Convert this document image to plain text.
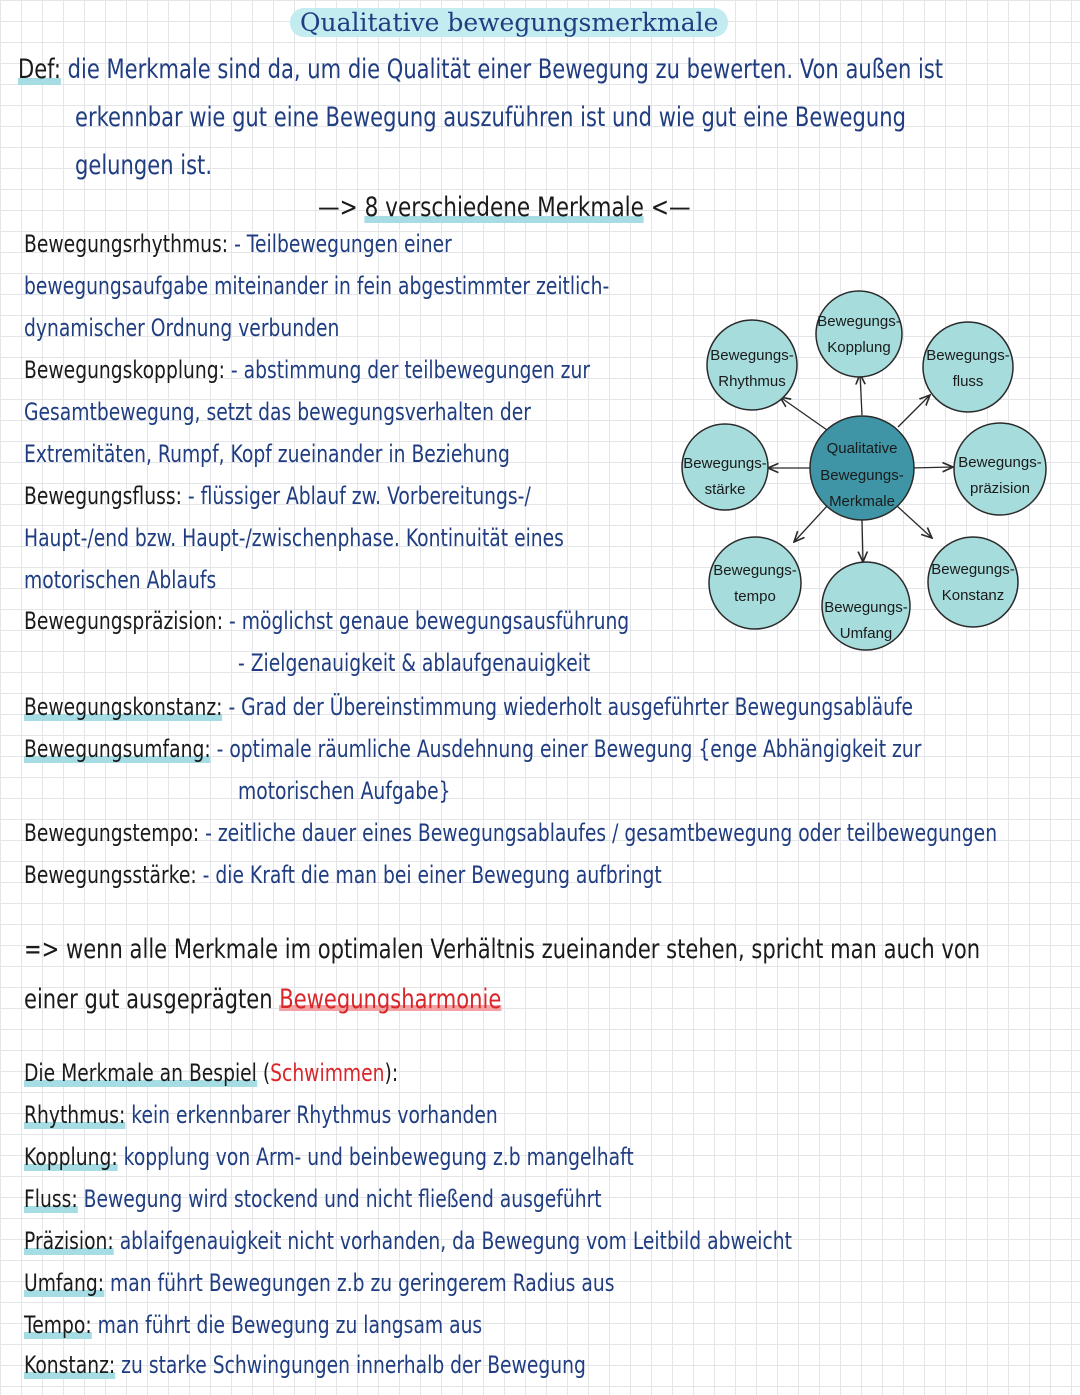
Qualitative bewegungsmerkmale
Def: die Merkmale sind da, um die Qualität einer Bewegung zu bewerten. Von außen ist
erkennbar wie gut eine Bewegung auszuführen ist und wie gut eine Bewegung
gelungen ist.
—> 8 verschiedene Merkmale <—
Bewegungsrhythmus: - Teilbewegungen einer
bewegungsaufgabe miteinander in fein abgestimmter zeitlich-
dynamischer Ordnung verbunden
Bewegungskopplung: - abstimmung der teilbewegungen zur
Gesamtbewegung, setzt das bewegungsverhalten der
Extremitäten, Rumpf, Kopf zueinander in Beziehung
Bewegungsfluss: - flüssiger Ablauf zw. Vorbereitungs-/
Haupt-/end bzw. Haupt-/zwischenphase. Kontinuität eines
motorischen Ablaufs
Bewegungspräzision: - möglichst genaue bewegungsausführung
- Zielgenauigkeit & ablaufgenauigkeit
Bewegungskonstanz: - Grad der Übereinstimmung wiederholt ausgeführter Bewegungsabläufe
Bewegungsumfang: - optimale räumliche Ausdehnung einer Bewegung {enge Abhängigkeit zur
motorischen Aufgabe}
Bewegungstempo: - zeitliche dauer eines Bewegungsablaufes / gesamtbewegung oder teilbewegungen
Bewegungsstärke: - die Kraft die man bei einer Bewegung aufbringt
=> wenn alle Merkmale im optimalen Verhältnis zueinander stehen, spricht man auch von
einer gut ausgeprägten Bewegungsharmonie
Die Merkmale an Bespiel (Schwimmen):
Rhythmus: kein erkennbarer Rhythmus vorhanden
Kopplung: kopplung von Arm- und beinbewegung z.b mangelhaft
Fluss: Bewegung wird stockend und nicht fließend ausgeführt
Präzision: ablaifgenauigkeit nicht vorhanden, da Bewegung vom Leitbild abweicht
Umfang: man führt Bewegungen z.b zu geringerem Radius aus
Tempo: man führt die Bewegung zu langsam aus
Konstanz: zu starke Schwingungen innerhalb der Bewegung
Qualitative
Bewegungs-
Merkmale
Bewegungs-
Kopplung Bewegungs-
fluss
Bewegungs-
präzision
Bewegungs-
Konstanz
Bewegungs-
Umfang
Bewegungs-
tempo
Bewegungs-
stärke
Bewegungs-
Rhythmus
